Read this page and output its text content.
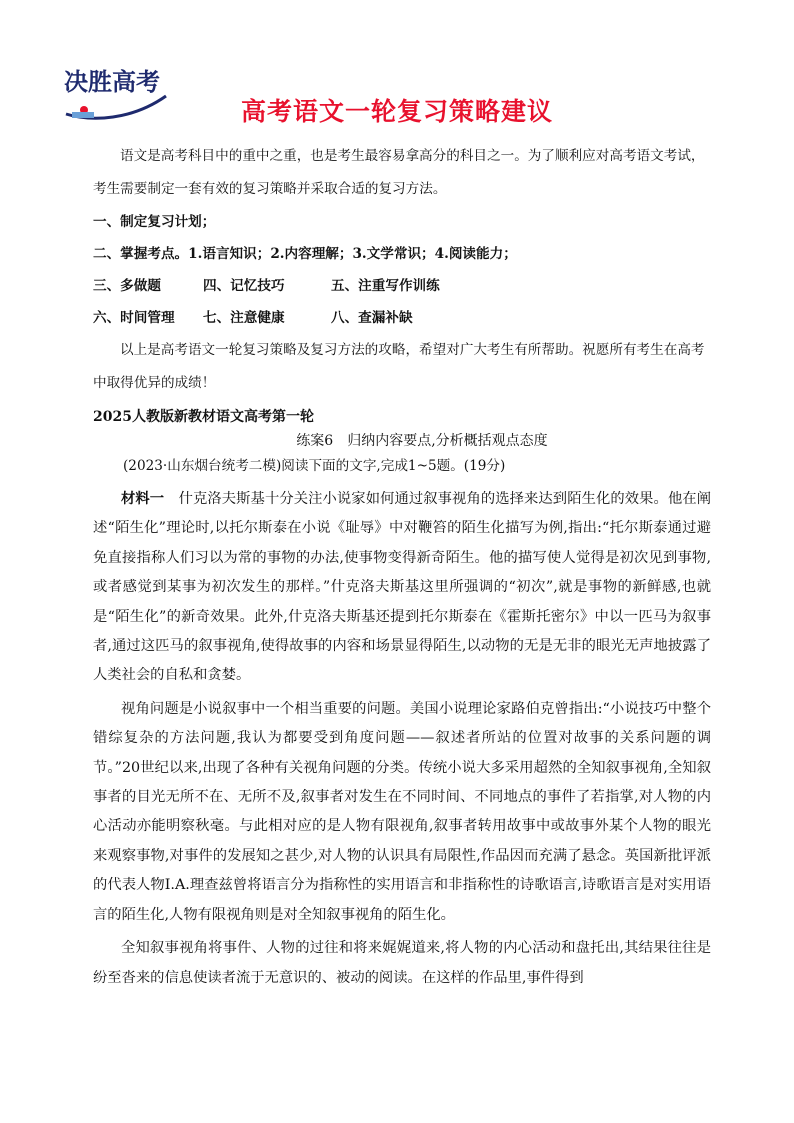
决胜高考
高考语文一轮复习策略建议

语文是高考科目中的重中之重，也是考生最容易拿高分的科目之一。为了顺利应对高考语文考试，考生需要制定一套有效的复习策略并采取合适的复习方法。

一、制定复习计划；

二、掌握考点。1.语言知识；2.内容理解；3.文学常识；4.阅读能力；

三、多做题	四、记忆技巧	五、注重写作训练

六、时间管理 七、注意健康	八、查漏补缺

以上是高考语文一轮复习策略及复习方法的攻略，希望对广大考生有所帮助。祝愿所有考生在高考中取得优异的成绩！

2025人教版新教材语文高考第一轮

练案6　归纳内容要点,分析概括观点态度

(2023·山东烟台统考二模)阅读下面的文字,完成1~5题。(19分)

材料一　 什克洛夫斯基十分关注小说家如何通过叙事视角的选择来达到陌生化的效果。他在阐述“陌生化”理论时,以托尔斯泰在小说《耻辱》中对鞭笞的陌生化描写为例,指出:“托尔斯泰通过避免直接指称人们习以为常的事物的办法,使事物变得新奇陌生。他的描写使人觉得是初次见到事物,或者感觉到某事为初次发生的那样。”什克洛夫斯基这里所强调的“初次”,就是事物的新鲜感,也就是“陌生化”的新奇效果。此外,什克洛夫斯基还提到托尔斯泰在《霍斯托密尔》中以一匹马为叙事者,通过这匹马的叙事视角,使得故事的内容和场景显得陌生,以动物的无是无非的眼光无声地披露了人类社会的自私和贪婪。

视角问题是小说叙事中一个相当重要的问题。美国小说理论家路伯克曾指出:“小说技巧中整个错综复杂的方法问题,我认为都要受到角度问题——叙述者所站的位置对故事的关系问题的调节。”20世纪以来,出现了各种有关视角问题的分类。传统小说大多采用超然的全知叙事视角,全知叙事者的目光无所不在、无所不及,叙事者对发生在不同时间、不同地点的事件了若指掌,对人物的内心活动亦能明察秋毫。与此相对应的是人物有限视角,叙事者转用故事中或故事外某个人物的眼光来观察事物,对事件的发展知之甚少,对人物的认识具有局限性,作品因而充满了悬念。英国新批评派的代表人物I.A.理查兹曾将语言分为指称性的实用语言和非指称性的诗歌语言,诗歌语言是对实用语言的陌生化,人物有限视角则是对全知叙事视角的陌生化。

全知叙事视角将事件、人物的过往和将来娓娓道来,将人物的内心活动和盘托出,其结果往往是纷至沓来的信息使读者流于无意识的、被动的阅读。在这样的作品里,事件得到
